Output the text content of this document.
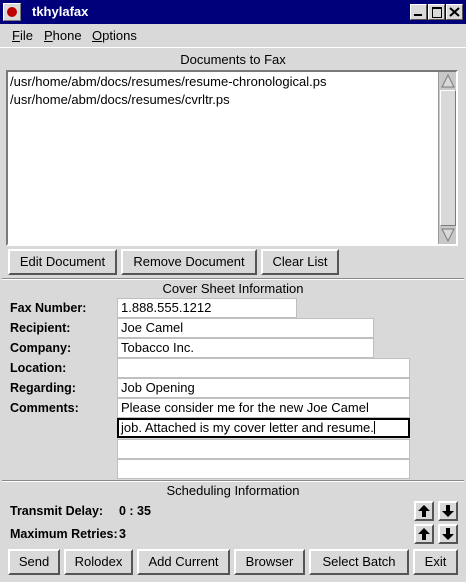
tkhylafax
File Phone Options
Documents to Fax
/usr/home/abm/docs/resumes/resume-chronological.ps
/usr/home/abm/docs/resumes/cvrltr.ps
Edit Document	Remove Document	Clear List
Cover Sheet Information
Fax Number:	1.888.555.1212
Recipient:	Joe Camel
Company:	Tobacco Inc.
Location:
Regarding:	Job Opening
Comments:	Please consider me for the new Joe Camel
job. Attached is my cover letter and resume.
Scheduling Information
Transmit Delay: 0 : 35
Maximum Retries: 3
Send	Rolodex	Add Current	Browser	Select Batch	Exit
